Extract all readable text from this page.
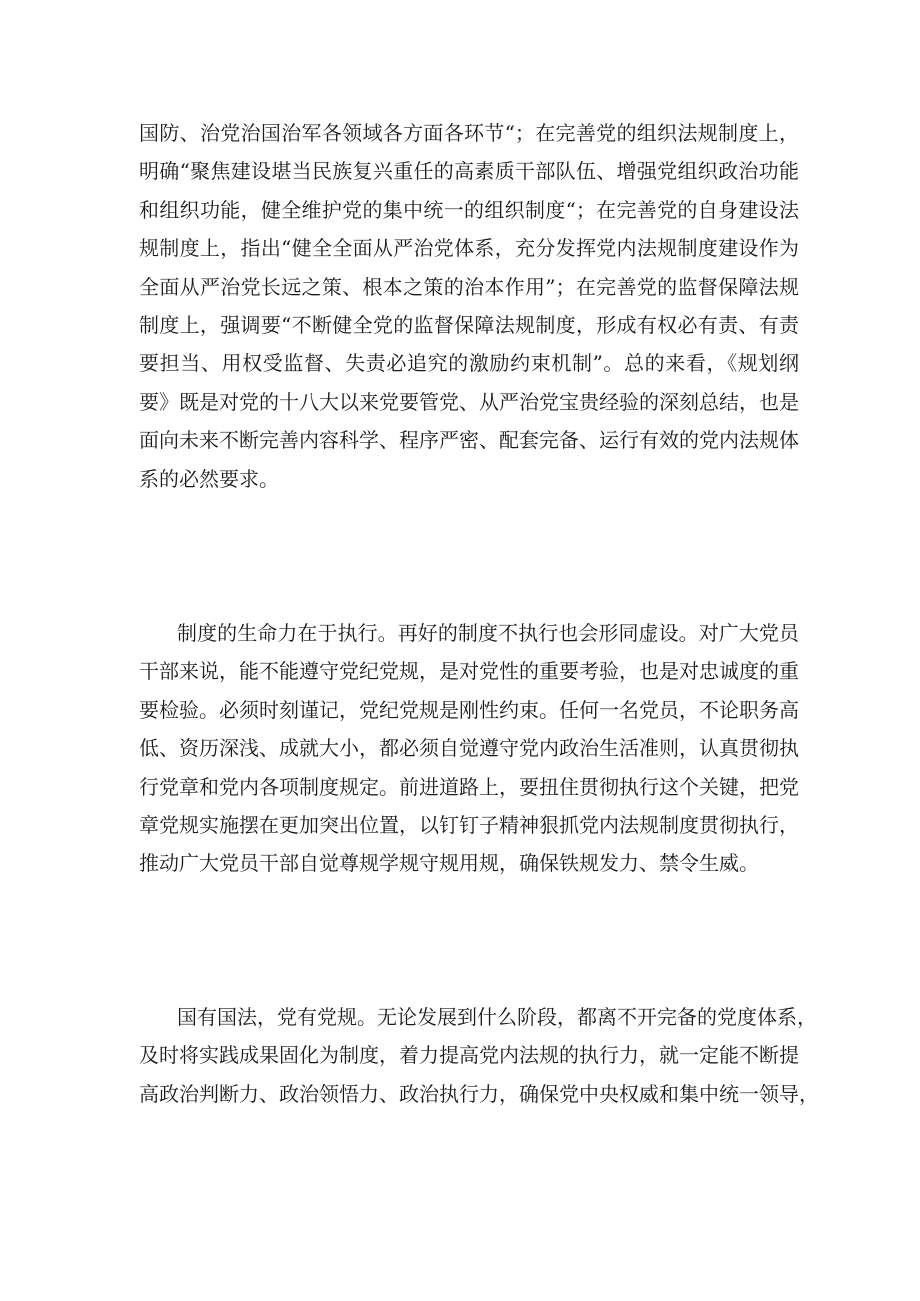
国防、治党治国治军各领域各方面各环节“；在完善党的组织法规制度上，
明确“聚焦建设堪当民族复兴重任的高素质干部队伍、增强党组织政治功能
和组织功能，健全维护党的集中统一的组织制度“；在完善党的自身建设法
规制度上，指出“健全全面从严治党体系，充分发挥党内法规制度建设作为
全面从严治党长远之策、根本之策的治本作用”；在完善党的监督保障法规
制度上，强调要“不断健全党的监督保障法规制度，形成有权必有责、有责
要担当、用权受监督、失责必追究的激励约束机制”。总的来看，《规划纲
要》既是对党的十八大以来党要管党、从严治党宝贵经验的深刻总结，也是
面向未来不断完善内容科学、程序严密、配套完备、运行有效的党内法规体
系的必然要求。
制度的生命力在于执行。再好的制度不执行也会形同虚设。对广大党员
干部来说，能不能遵守党纪党规，是对党性的重要考验，也是对忠诚度的重
要检验。必须时刻谨记，党纪党规是刚性约束。任何一名党员，不论职务高
低、资历深浅、成就大小，都必须自觉遵守党内政治生活准则，认真贯彻执
行党章和党内各项制度规定。前进道路上，要扭住贯彻执行这个关键，把党
章党规实施摆在更加突出位置，以钉钉子精神狠抓党内法规制度贯彻执行，
推动广大党员干部自觉尊规学规守规用规，确保铁规发力、禁令生威。
国有国法，党有党规。无论发展到什么阶段，都离不开完备的党度体系，
及时将实践成果固化为制度，着力提高党内法规的执行力，就一定能不断提
高政治判断力、政治领悟力、政治执行力，确保党中央权威和集中统一领导，
